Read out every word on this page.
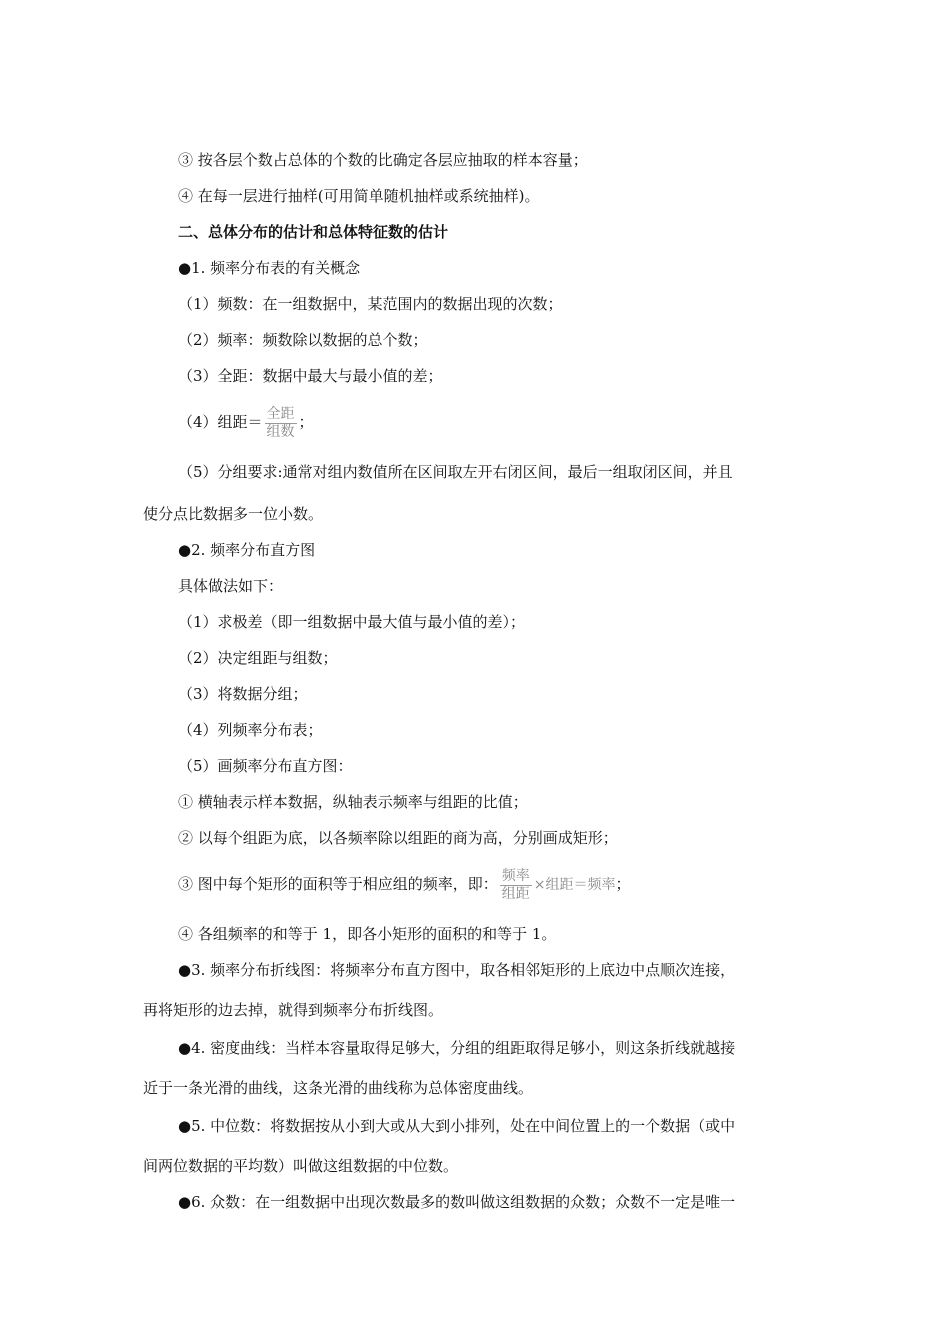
③ 按各层个数占总体的个数的比确定各层应抽取的样本容量；
④ 在每一层进行抽样(可用简单随机抽样或系统抽样)。
二、总体分布的估计和总体特征数的估计
●1. 频率分布表的有关概念
（1）频数：在一组数据中，某范围内的数据出现的次数；
（2）频率：频数除以数据的总个数；
（3）全距：数据中最大与最小值的差；
（4）组距＝ $\frac{\text{全距}}{\text{组数}}$ ；
（5）分组要求:通常对组内数值所在区间取左开右闭区间，最后一组取闭区间，并且
使分点比数据多一位小数。
●2. 频率分布直方图
具体做法如下：
（1）求极差（即一组数据中最大值与最小值的差）；
（2）决定组距与组数；
（3）将数据分组；
（4）列频率分布表；
（5）画频率分布直方图：
① 横轴表示样本数据，纵轴表示频率与组距的比值；
② 以每个组距为底，以各频率除以组距的商为高，分别画成矩形；
③ 图中每个矩形的面积等于相应组的频率，即： $\frac{\text{频率}}{\text{组距}}$ ×组距＝频率；
④ 各组频率的和等于 1，即各小矩形的面积的和等于 1。
●3. 频率分布折线图：将频率分布直方图中，取各相邻矩形的上底边中点顺次连接，
再将矩形的边去掉，就得到频率分布折线图。
●4. 密度曲线：当样本容量取得足够大，分组的组距取得足够小，则这条折线就越接
近于一条光滑的曲线，这条光滑的曲线称为总体密度曲线。
●5. 中位数：将数据按从小到大或从大到小排列，处在中间位置上的一个数据（或中
间两位数据的平均数）叫做这组数据的中位数。
●6. 众数：在一组数据中出现次数最多的数叫做这组数据的众数；众数不一定是唯一
